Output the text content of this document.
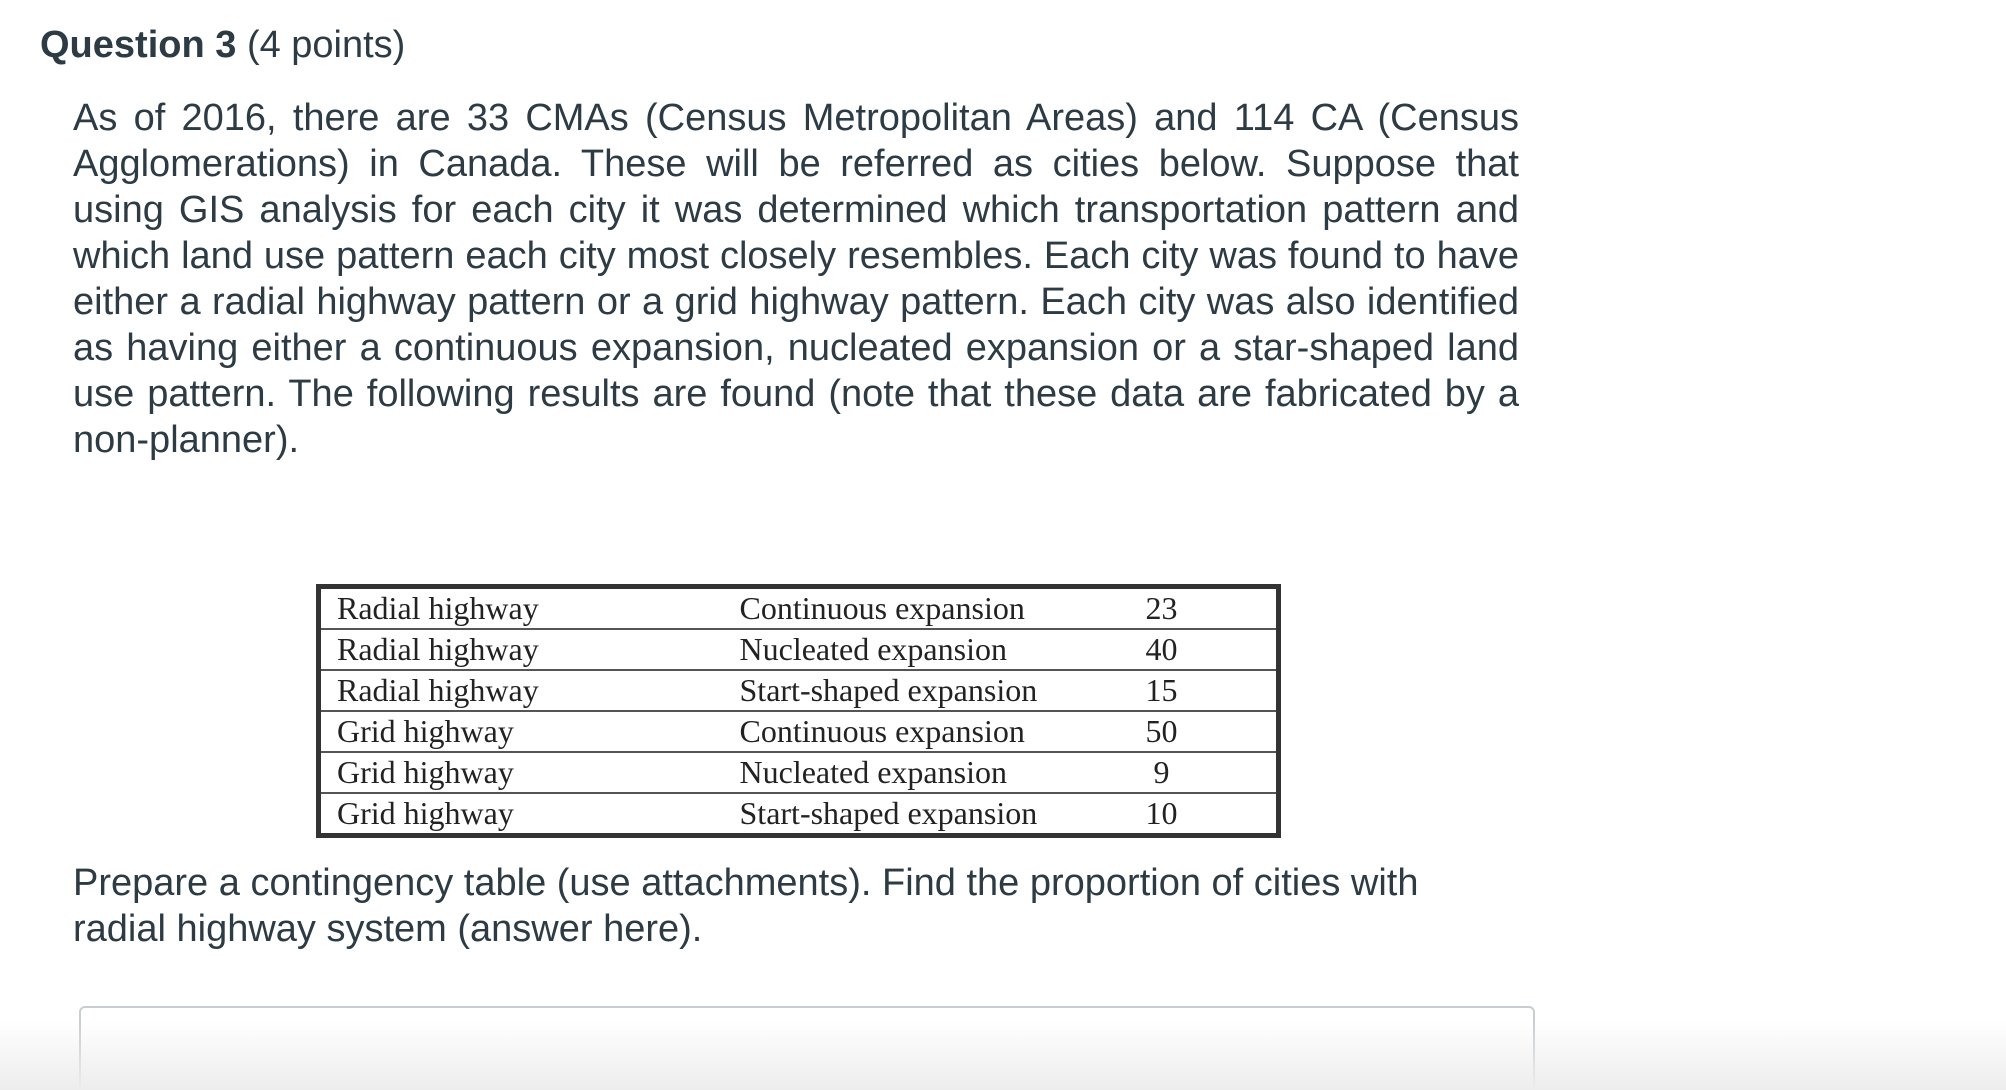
Question 3 (4 points)
As of 2016, there are 33 CMAs (Census Metropolitan Areas) and 114 CA (Census Agglomerations) in Canada. These will be referred as cities below. Suppose that using GIS analysis for each city it was determined which transportation pattern and which land use pattern each city most closely resembles. Each city was found to have either a radial highway pattern or a grid highway pattern. Each city was also identified as having either a continuous expansion, nucleated expansion or a star-shaped land use pattern. The following results are found (note that these data are fabricated by a non-planner).
Radial highway	Continuous expansion	23
Radial highway	Nucleated expansion	40
Radial highway	Start-shaped expansion	15
Grid highway	Continuous expansion	50
Grid highway	Nucleated expansion	9
Grid highway	Start-shaped expansion	10
Prepare a contingency table (use attachments). Find the proportion of cities with radial highway system (answer here).
